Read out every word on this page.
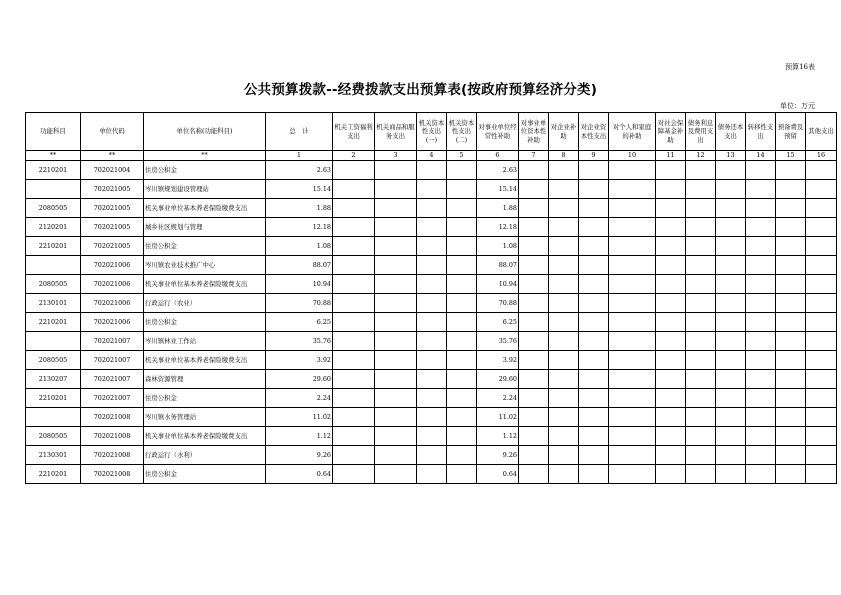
预算16表
公共预算拨款--经费拨款支出预算表(按政府预算经济分类)
单位：万元
功能科目	单位代码	单位名称(功能科目)	总　计	机关工资福利支出	机关商品和服务支出	机关资本性支出(一)	机关资本性支出(二)	对事业单位经常性补助	对事业单位资本性补助	对企业补助	对企业资本性支出	对个人和家庭的补助	对社会保障基金补助	债务利息及费用支出	债务还本支出	转移性支出	预备费及预留	其他支出
**	**	**	1	2	3	4	5	6	7	8	9	10	11	12	13	14	15	16
2210201	702021004	住房公积金	2.63					2.63										
	702021005	岑川镇规划建设管理站	15.14					15.14										
2080505	702021005	机关事业单位基本养老保险缴费支出	1.88					1.88										
2120201	702021005	城乡社区规划与管理	12.18					12.18										
2210201	702021005	住房公积金	1.08					1.08										
	702021006	岑川镇农业技术推广中心	88.07					88.07										
2080505	702021006	机关事业单位基本养老保险缴费支出	10.94					10.94										
2130101	702021006	行政运行（农业）	70.88					70.88										
2210201	702021006	住房公积金	6.25					6.25										
	702021007	岑川镇林业工作站	35.76					35.76										
2080505	702021007	机关事业单位基本养老保险缴费支出	3.92					3.92										
2130207	702021007	森林资源管理	29.60					29.60										
2210201	702021007	住房公积金	2.24					2.24										
	702021008	岑川镇水务管理站	11.02					11.02										
2080505	702021008	机关事业单位基本养老保险缴费支出	1.12					1.12										
2130301	702021008	行政运行（水利）	9.26					9.26										
2210201	702021008	住房公积金	0.64					0.64										
